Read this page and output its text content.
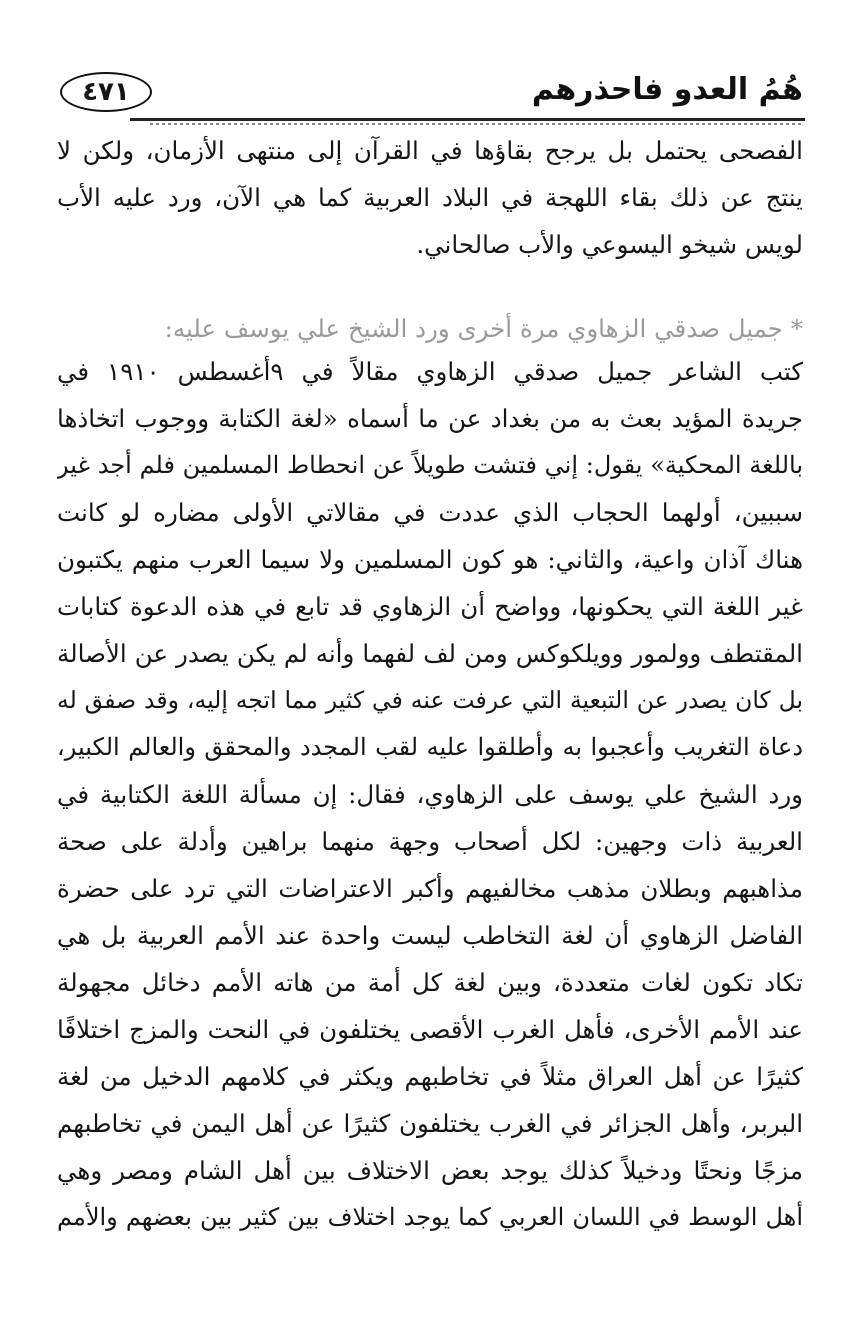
هُمُ العدو فاحذرهم
٤٧١
الفصحى يحتمل بل يرجح بقاؤها في القرآن إلى منتهى الأزمان، ولكن لا
ينتج عن ذلك بقاء اللهجة في البلاد العربية كما هي الآن، ورد عليه الأب
لويس شيخو اليسوعي والأب صالحاني.
* جميل صدقي الزهاوي مرة أخرى ورد الشيخ علي يوسف عليه:
كتب الشاعر جميل صدقي الزهاوي مقالاً في ٩أغسطس ١٩١٠ في
جريدة المؤيد بعث به من بغداد عن ما أسماه «لغة الكتابة ووجوب اتخاذها
باللغة المحكية» يقول: إني فتشت طويلاً عن انحطاط المسلمين فلم أجد غير
سببين، أولهما الحجاب الذي عددت في مقالاتي الأولى مضاره لو كانت
هناك آذان واعية، والثاني: هو كون المسلمين ولا سيما العرب منهم يكتبون
غير اللغة التي يحكونها، وواضح أن الزهاوي قد تابع في هذه الدعوة كتابات
المقتطف وولمور وويلكوكس ومن لف لفهما وأنه لم يكن يصدر عن الأصالة
بل كان يصدر عن التبعية التي عرفت عنه في كثير مما اتجه إليه، وقد صفق له
دعاة التغريب وأعجبوا به وأطلقوا عليه لقب المجدد والمحقق والعالم الكبير،
ورد الشيخ علي يوسف على الزهاوي، فقال: إن مسألة اللغة الكتابية في
العربية ذات وجهين: لكل أصحاب وجهة منهما براهين وأدلة على صحة
مذاهبهم وبطلان مذهب مخالفيهم وأكبر الاعتراضات التي ترد على حضرة
الفاضل الزهاوي أن لغة التخاطب ليست واحدة عند الأمم العربية بل هي
تكاد تكون لغات متعددة، وبين لغة كل أمة من هاته الأمم دخائل مجهولة
عند الأمم الأخرى، فأهل الغرب الأقصى يختلفون في النحت والمزج اختلافًا
كثيرًا عن أهل العراق مثلاً في تخاطبهم ويكثر في كلامهم الدخيل من لغة
البربر، وأهل الجزائر في الغرب يختلفون كثيرًا عن أهل اليمن في تخاطبهم
مزجًا ونحتًا ودخيلاً كذلك يوجد بعض الاختلاف بين أهل الشام ومصر وهي
أهل الوسط في اللسان العربي كما يوجد اختلاف بين كثير بين بعضهم والأمم
